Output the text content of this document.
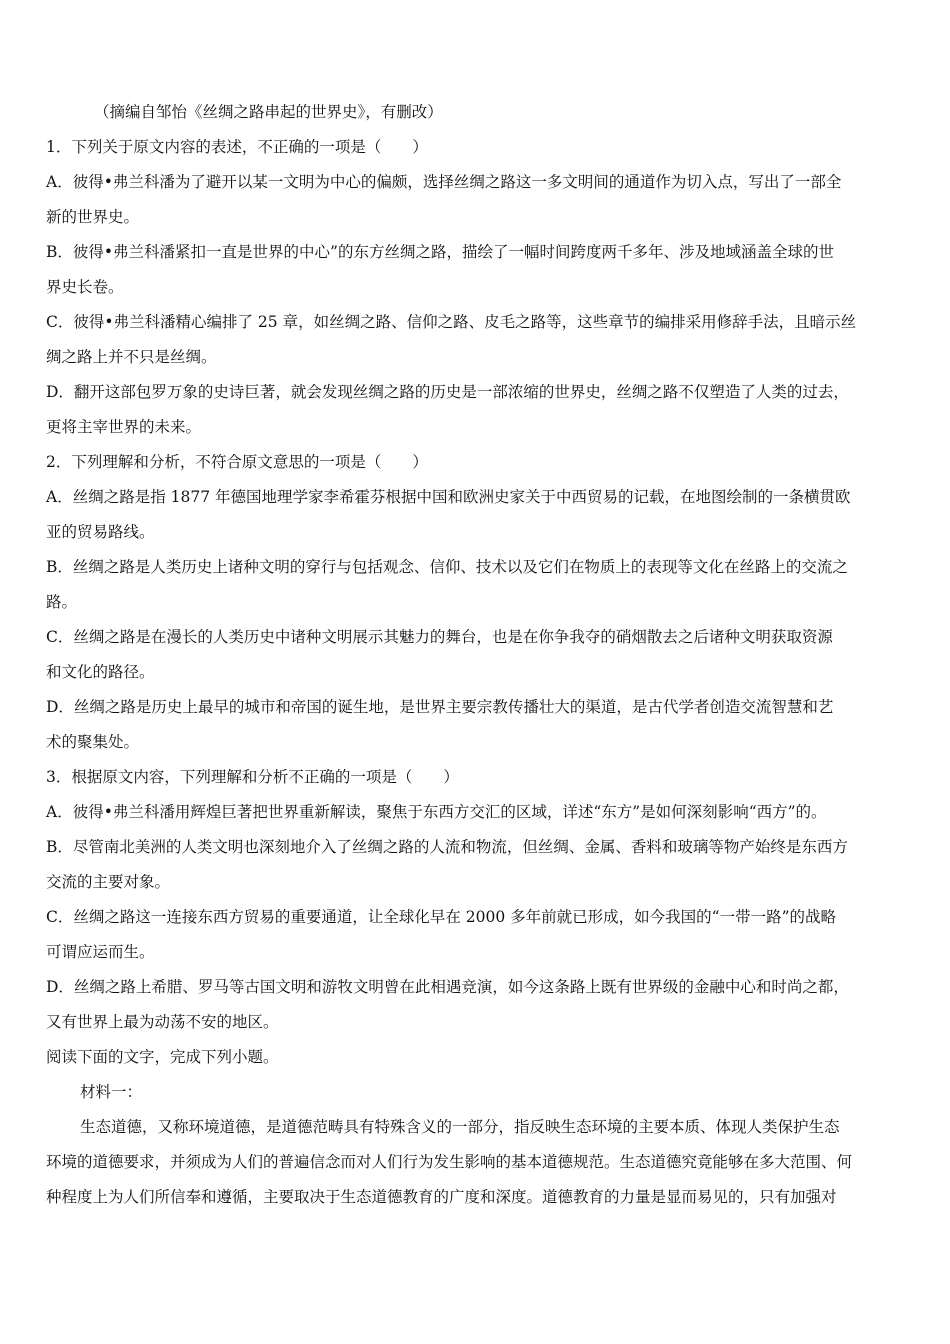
（摘编自邹怡《丝绸之路串起的世界史》，有删改）
1．下列关于原文内容的表述，不正确的一项是（　　）
A．彼得•弗兰科潘为了避开以某一文明为中心的偏颇，选择丝绸之路这一多文明间的通道作为切入点，写出了一部全
新的世界史。
B．彼得•弗兰科潘紧扣一直是世界的中心”的东方丝绸之路，描绘了一幅时间跨度两千多年、涉及地域涵盖全球的世
界史长卷。
C．彼得•弗兰科潘精心编排了 25 章，如丝绸之路、信仰之路、皮毛之路等，这些章节的编排采用修辞手法，且暗示丝
绸之路上并不只是丝绸。
D．翻开这部包罗万象的史诗巨著，就会发现丝绸之路的历史是一部浓缩的世界史，丝绸之路不仅塑造了人类的过去，
更将主宰世界的未来。
2．下列理解和分析，不符合原文意思的一项是（　　）
A．丝绸之路是指 1877 年德国地理学家李希霍芬根据中国和欧洲史家关于中西贸易的记载，在地图绘制的一条横贯欧
亚的贸易路线。
B．丝绸之路是人类历史上诸种文明的穿行与包括观念、信仰、技术以及它们在物质上的表现等文化在丝路上的交流之
路。
C．丝绸之路是在漫长的人类历史中诸种文明展示其魅力的舞台，也是在你争我夺的硝烟散去之后诸种文明获取资源
和文化的路径。
D．丝绸之路是历史上最早的城市和帝国的诞生地，是世界主要宗教传播壮大的渠道，是古代学者创造交流智慧和艺
术的聚集处。
3．根据原文内容，下列理解和分析不正确的一项是（　　）
A．彼得•弗兰科潘用辉煌巨著把世界重新解读，聚焦于东西方交汇的区域，详述“东方”是如何深刻影响“西方”的。
B．尽管南北美洲的人类文明也深刻地介入了丝绸之路的人流和物流，但丝绸、金属、香料和玻璃等物产始终是东西方
交流的主要对象。
C．丝绸之路这一连接东西方贸易的重要通道，让全球化早在 2000 多年前就已形成，如今我国的“一带一路”的战略
可谓应运而生。
D．丝绸之路上希腊、罗马等古国文明和游牧文明曾在此相遇竞演，如今这条路上既有世界级的金融中心和时尚之都，
又有世界上最为动荡不安的地区。
阅读下面的文字，完成下列小题。
材料一：
生态道德，又称环境道德，是道德范畴具有特殊含义的一部分，指反映生态环境的主要本质、体现人类保护生态
环境的道德要求，并须成为人们的普遍信念而对人们行为发生影响的基本道德规范。生态道德究竟能够在多大范围、何
种程度上为人们所信奉和遵循，主要取决于生态道德教育的广度和深度。道德教育的力量是显而易见的，只有加强对
